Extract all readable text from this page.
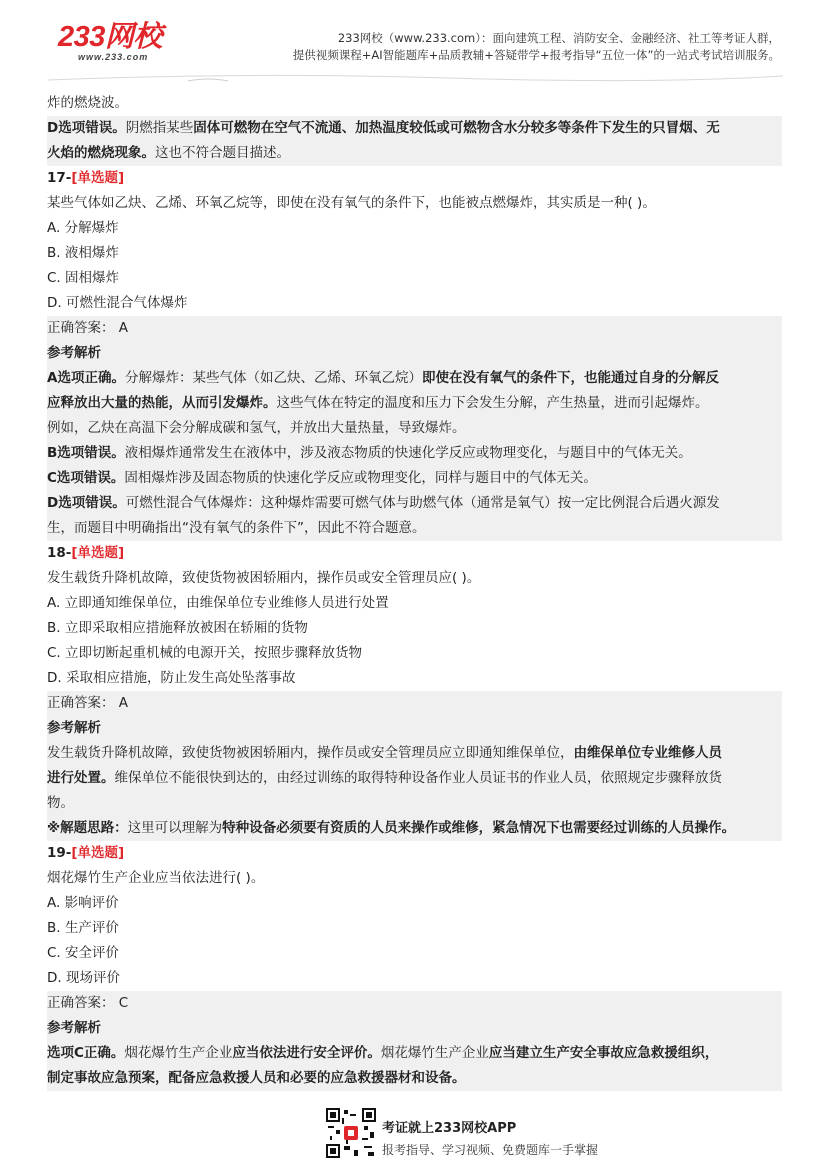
233网校
www.233.com
233网校（www.233.com）：面向建筑工程、消防安全、金融经济、社工等考证人群，
提供视频课程+AI智能题库+品质教辅+答疑带学+报考指导“五位一体”的一站式考试培训服务。
炸的燃烧波。
D选项错误。阴燃指某些固体可燃物在空气不流通、加热温度较低或可燃物含水分较多等条件下发生的只冒烟、无
火焰的燃烧现象。这也不符合题目描述。
17-[单选题]
某些气体如乙炔、乙烯、环氧乙烷等，即使在没有氧气的条件下，也能被点燃爆炸，其实质是一种( )。
A. 分解爆炸
B. 液相爆炸
C. 固相爆炸
D. 可燃性混合气体爆炸
正确答案： A
参考解析
A选项正确。分解爆炸：某些气体（如乙炔、乙烯、环氧乙烷）即使在没有氧气的条件下，也能通过自身的分解反
应释放出大量的热能，从而引发爆炸。这些气体在特定的温度和压力下会发生分解，产生热量，进而引起爆炸。
例如，乙炔在高温下会分解成碳和氢气，并放出大量热量，导致爆炸。
B选项错误。液相爆炸通常发生在液体中，涉及液态物质的快速化学反应或物理变化，与题目中的气体无关。
C选项错误。固相爆炸涉及固态物质的快速化学反应或物理变化，同样与题目中的气体无关。
D选项错误。可燃性混合气体爆炸：这种爆炸需要可燃气体与助燃气体（通常是氧气）按一定比例混合后遇火源发
生，而题目中明确指出“没有氧气的条件下”，因此不符合题意。
18-[单选题]
发生载货升降机故障，致使货物被困轿厢内，操作员或安全管理员应( )。
A. 立即通知维保单位，由维保单位专业维修人员进行处置
B. 立即采取相应措施释放被困在轿厢的货物
C. 立即切断起重机械的电源开关，按照步骤释放货物
D. 采取相应措施，防止发生高处坠落事故
正确答案： A
参考解析
发生载货升降机故障，致使货物被困轿厢内，操作员或安全管理员应立即通知维保单位，由维保单位专业维修人员
进行处置。维保单位不能很快到达的，由经过训练的取得特种设备作业人员证书的作业人员，依照规定步骤释放货
物。
※解题思路：这里可以理解为特种设备必须要有资质的人员来操作或维修，紧急情况下也需要经过训练的人员操作。
19-[单选题]
烟花爆竹生产企业应当依法进行( )。
A. 影响评价
B. 生产评价
C. 安全评价
D. 现场评价
正确答案： C
参考解析
选项C正确。烟花爆竹生产企业应当依法进行安全评价。烟花爆竹生产企业应当建立生产安全事故应急救援组织，
制定事故应急预案，配备应急救援人员和必要的应急救援器材和设备。
考证就上233网校APP
报考指导、学习视频、免费题库一手掌握
